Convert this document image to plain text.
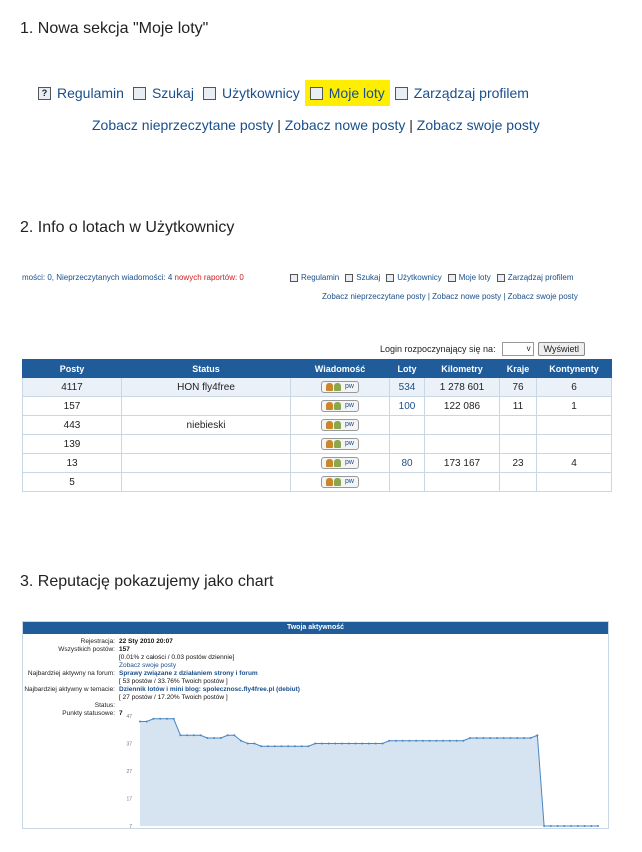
1. Nowa sekcja "Moje loty"
? Regulamin Szukaj Użytkownicy Moje loty Zarządzaj profilem
Zobacz nieprzeczytane posty | Zobacz nowe posty | Zobacz swoje posty
2. Info o lotach w Użytkownicy
mości: 0, Nieprzeczytanych wiadomości: 4 nowych raportów: 0	Regulamin Szukaj Użytkownicy Moje loty Zarządzaj profilem
Zobacz nieprzeczytane posty | Zobacz nowe posty | Zobacz swoje posty
Login rozpoczynający się na:	v	Wyświetl
Posty	Status	Wiadomość	Loty	Kilometry	Kraje	Kontynenty
4117	HON fly4free	pw	534	1 278 601	76	6
157		pw	100	122 086	11	1
443	niebieski	pw				

139		pw				

13		pw	80	173 167	23	4
5		pw				

3. Reputację pokazujemy jako chart
Twoja aktywność
Rejestracja: 22 Sty 2010 20:07
Wszystkich postów: 157
[0.01% z całości / 0.03 postów dziennie]
Zobacz swoje posty
Najbardziej aktywny na forum: Sprawy związane z działaniem strony i forum
[ 53 postów / 33.76% Twoich postów ]
Najbardziej aktywny w temacie: Dziennik lotów i mini blog: spolecznosc.fly4free.pl (debiut)
[ 27 postów / 17.20% Twoich postów ]
Status:
Punkty statusowe: 7 47
37
27
17
7
